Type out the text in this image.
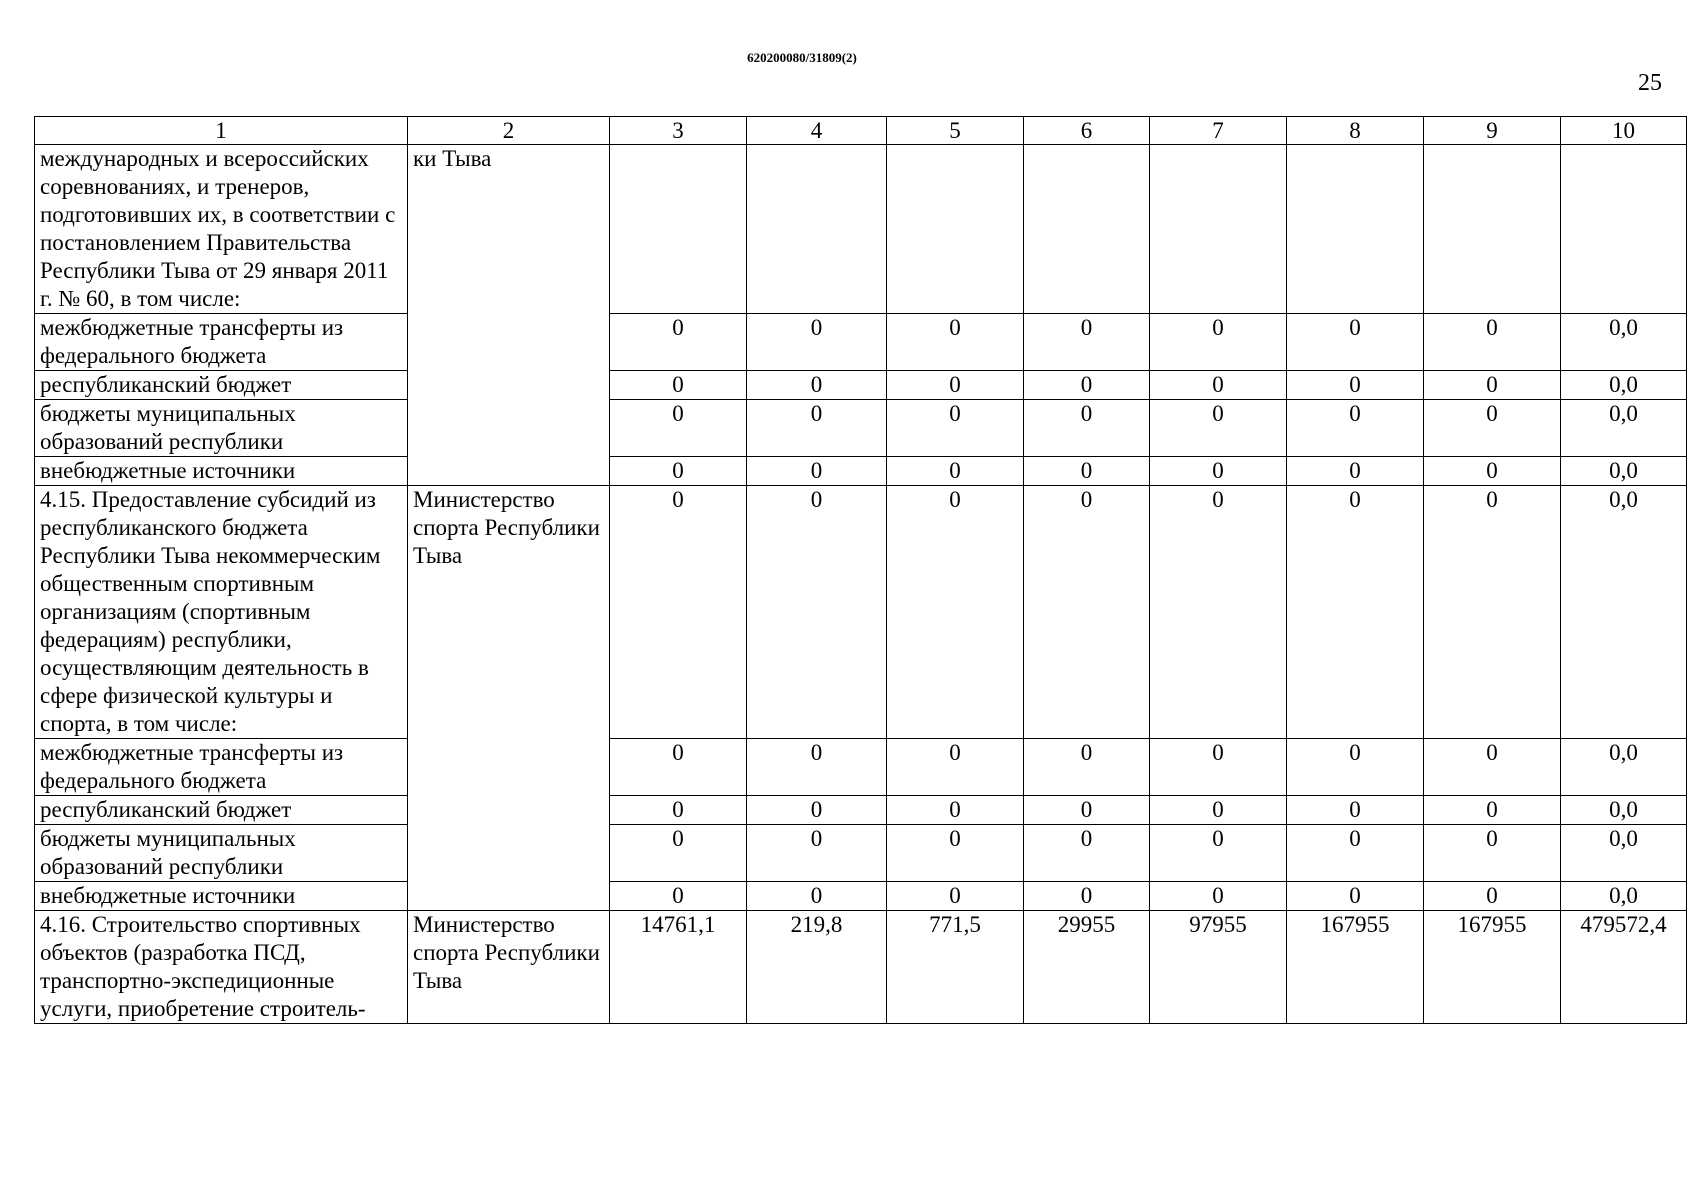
620200080/31809(2)
25
1	2	3	4	5	6	7	8	9	10
международных и всероссийских соревнованиях, и тренеров, подготовивших их, в соответствии с постановлением Правительства Республики Тыва от 29 января 2011 г. № 60, в том числе:	ки Тыва								
межбюджетные трансферты из федерального бюджета		0	0	0	0	0	0	0	0,0
республиканский бюджет		0	0	0	0	0	0	0	0,0
бюджеты муниципальных образований республики		0	0	0	0	0	0	0	0,0
внебюджетные источники		0	0	0	0	0	0	0	0,0
4.15. Предоставление субсидий из республиканского бюджета Республики Тыва некоммерческим общественным спортивным организациям (спортивным федерациям) республики, осуществляющим деятельность в сфере физической культуры и спорта, в том числе:	Министерство спорта Республики Тыва	0	0	0	0	0	0	0	0,0
межбюджетные трансферты из федерального бюджета		0	0	0	0	0	0	0	0,0
республиканский бюджет		0	0	0	0	0	0	0	0,0
бюджеты муниципальных образований республики		0	0	0	0	0	0	0	0,0
внебюджетные источники		0	0	0	0	0	0	0	0,0
4.16. Строительство спортивных объектов (разработка ПСД, транспортно-экспедиционные услуги, приобретение строитель-	Министерство спорта Республики Тыва	14761,1	219,8	771,5	29955	97955	167955	167955	479572,4
